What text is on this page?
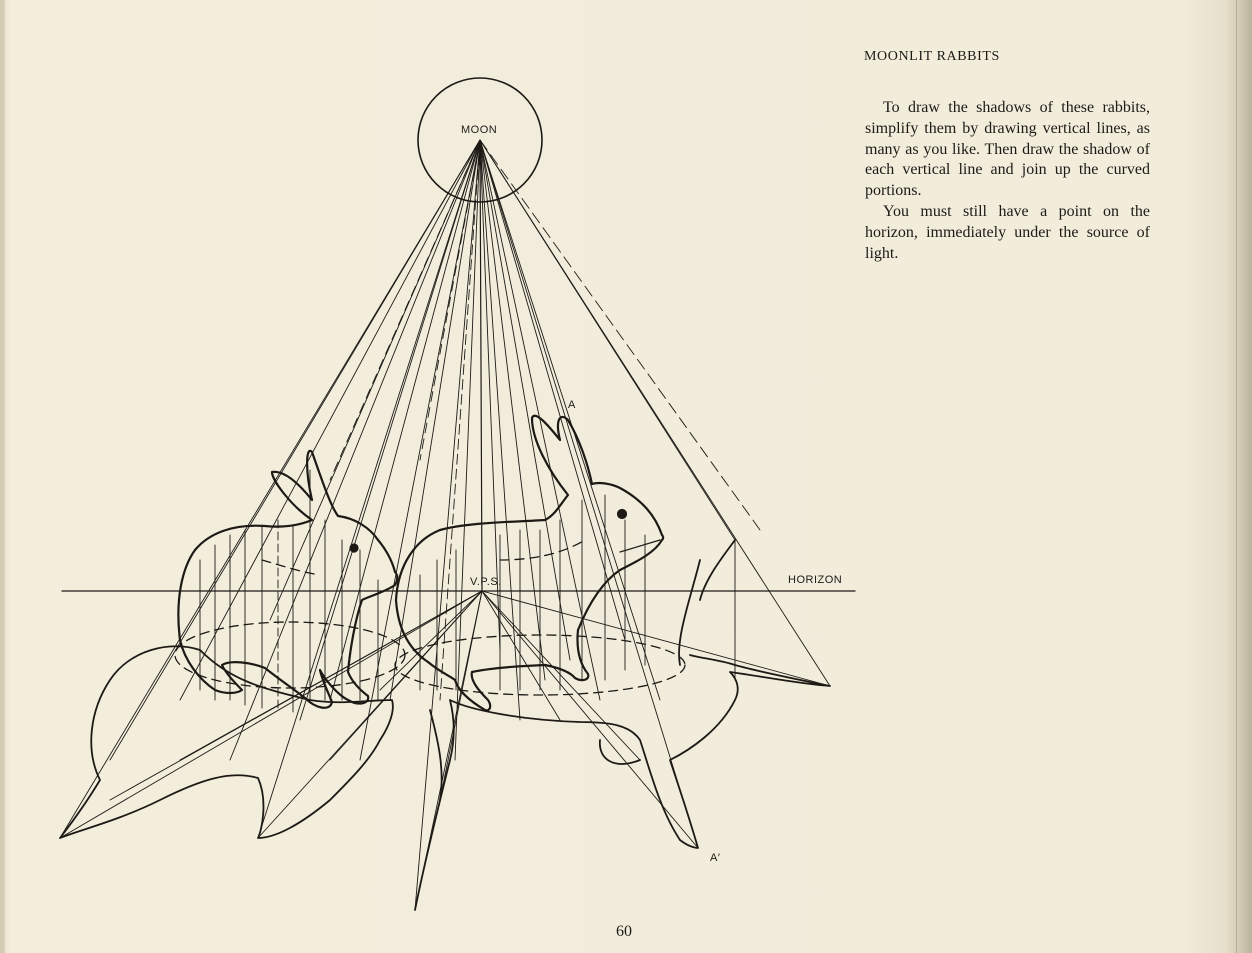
MOONLIT RABBITS

To draw the shadows of these rabbits, simplify them by drawing vertical lines, as many as you like. Then draw the shadow of each vertical line and join up the curved portions.

You must still have a point on the horizon, immediately under the source of light.

60
MOON
V.P.S.	HORIZON
A
A′
